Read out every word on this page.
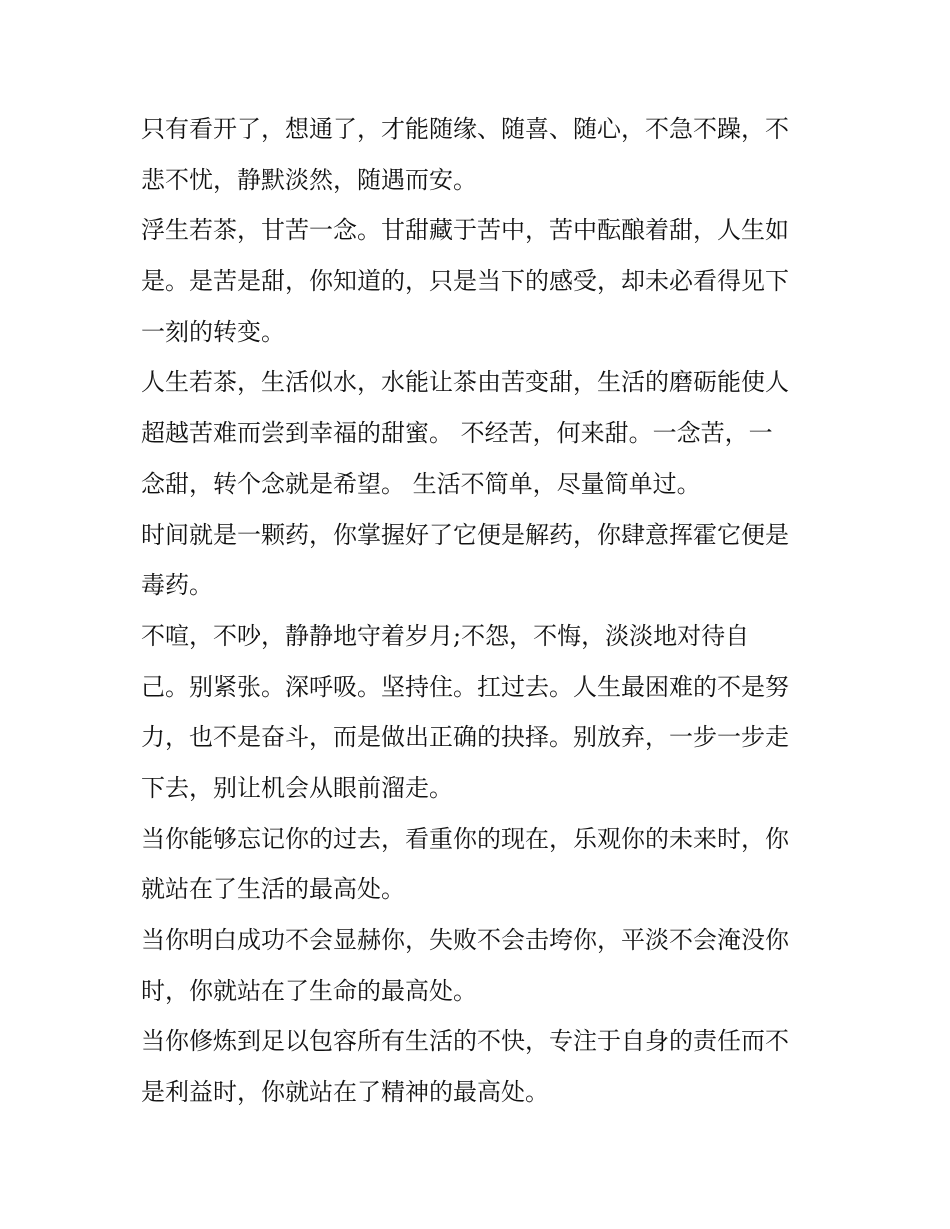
只有看开了，想通了，才能随缘、随喜、随心，不急不躁，不
悲不忧，静默淡然，随遇而安。

浮生若茶，甘苦一念。甘甜藏于苦中，苦中酝酿着甜，人生如
是。是苦是甜，你知道的，只是当下的感受，却未必看得见下
一刻的转变。

人生若茶，生活似水，水能让茶由苦变甜，生活的磨砺能使人
超越苦难而尝到幸福的甜蜜。 不经苦，何来甜。一念苦，一
念甜，转个念就是希望。 生活不简单，尽量简单过。

时间就是一颗药，你掌握好了它便是解药，你肆意挥霍它便是
毒药。

不喧，不吵，静静地守着岁月;不怨，不悔，淡淡地对待自
己。别紧张。深呼吸。坚持住。扛过去。人生最困难的不是努
力，也不是奋斗，而是做出正确的抉择。别放弃，一步一步走
下去，别让机会从眼前溜走。

当你能够忘记你的过去，看重你的现在，乐观你的未来时，你
就站在了生活的最高处。

当你明白成功不会显赫你，失败不会击垮你，平淡不会淹没你
时，你就站在了生命的最高处。

当你修炼到足以包容所有生活的不快，专注于自身的责任而不
是利益时，你就站在了精神的最高处。
